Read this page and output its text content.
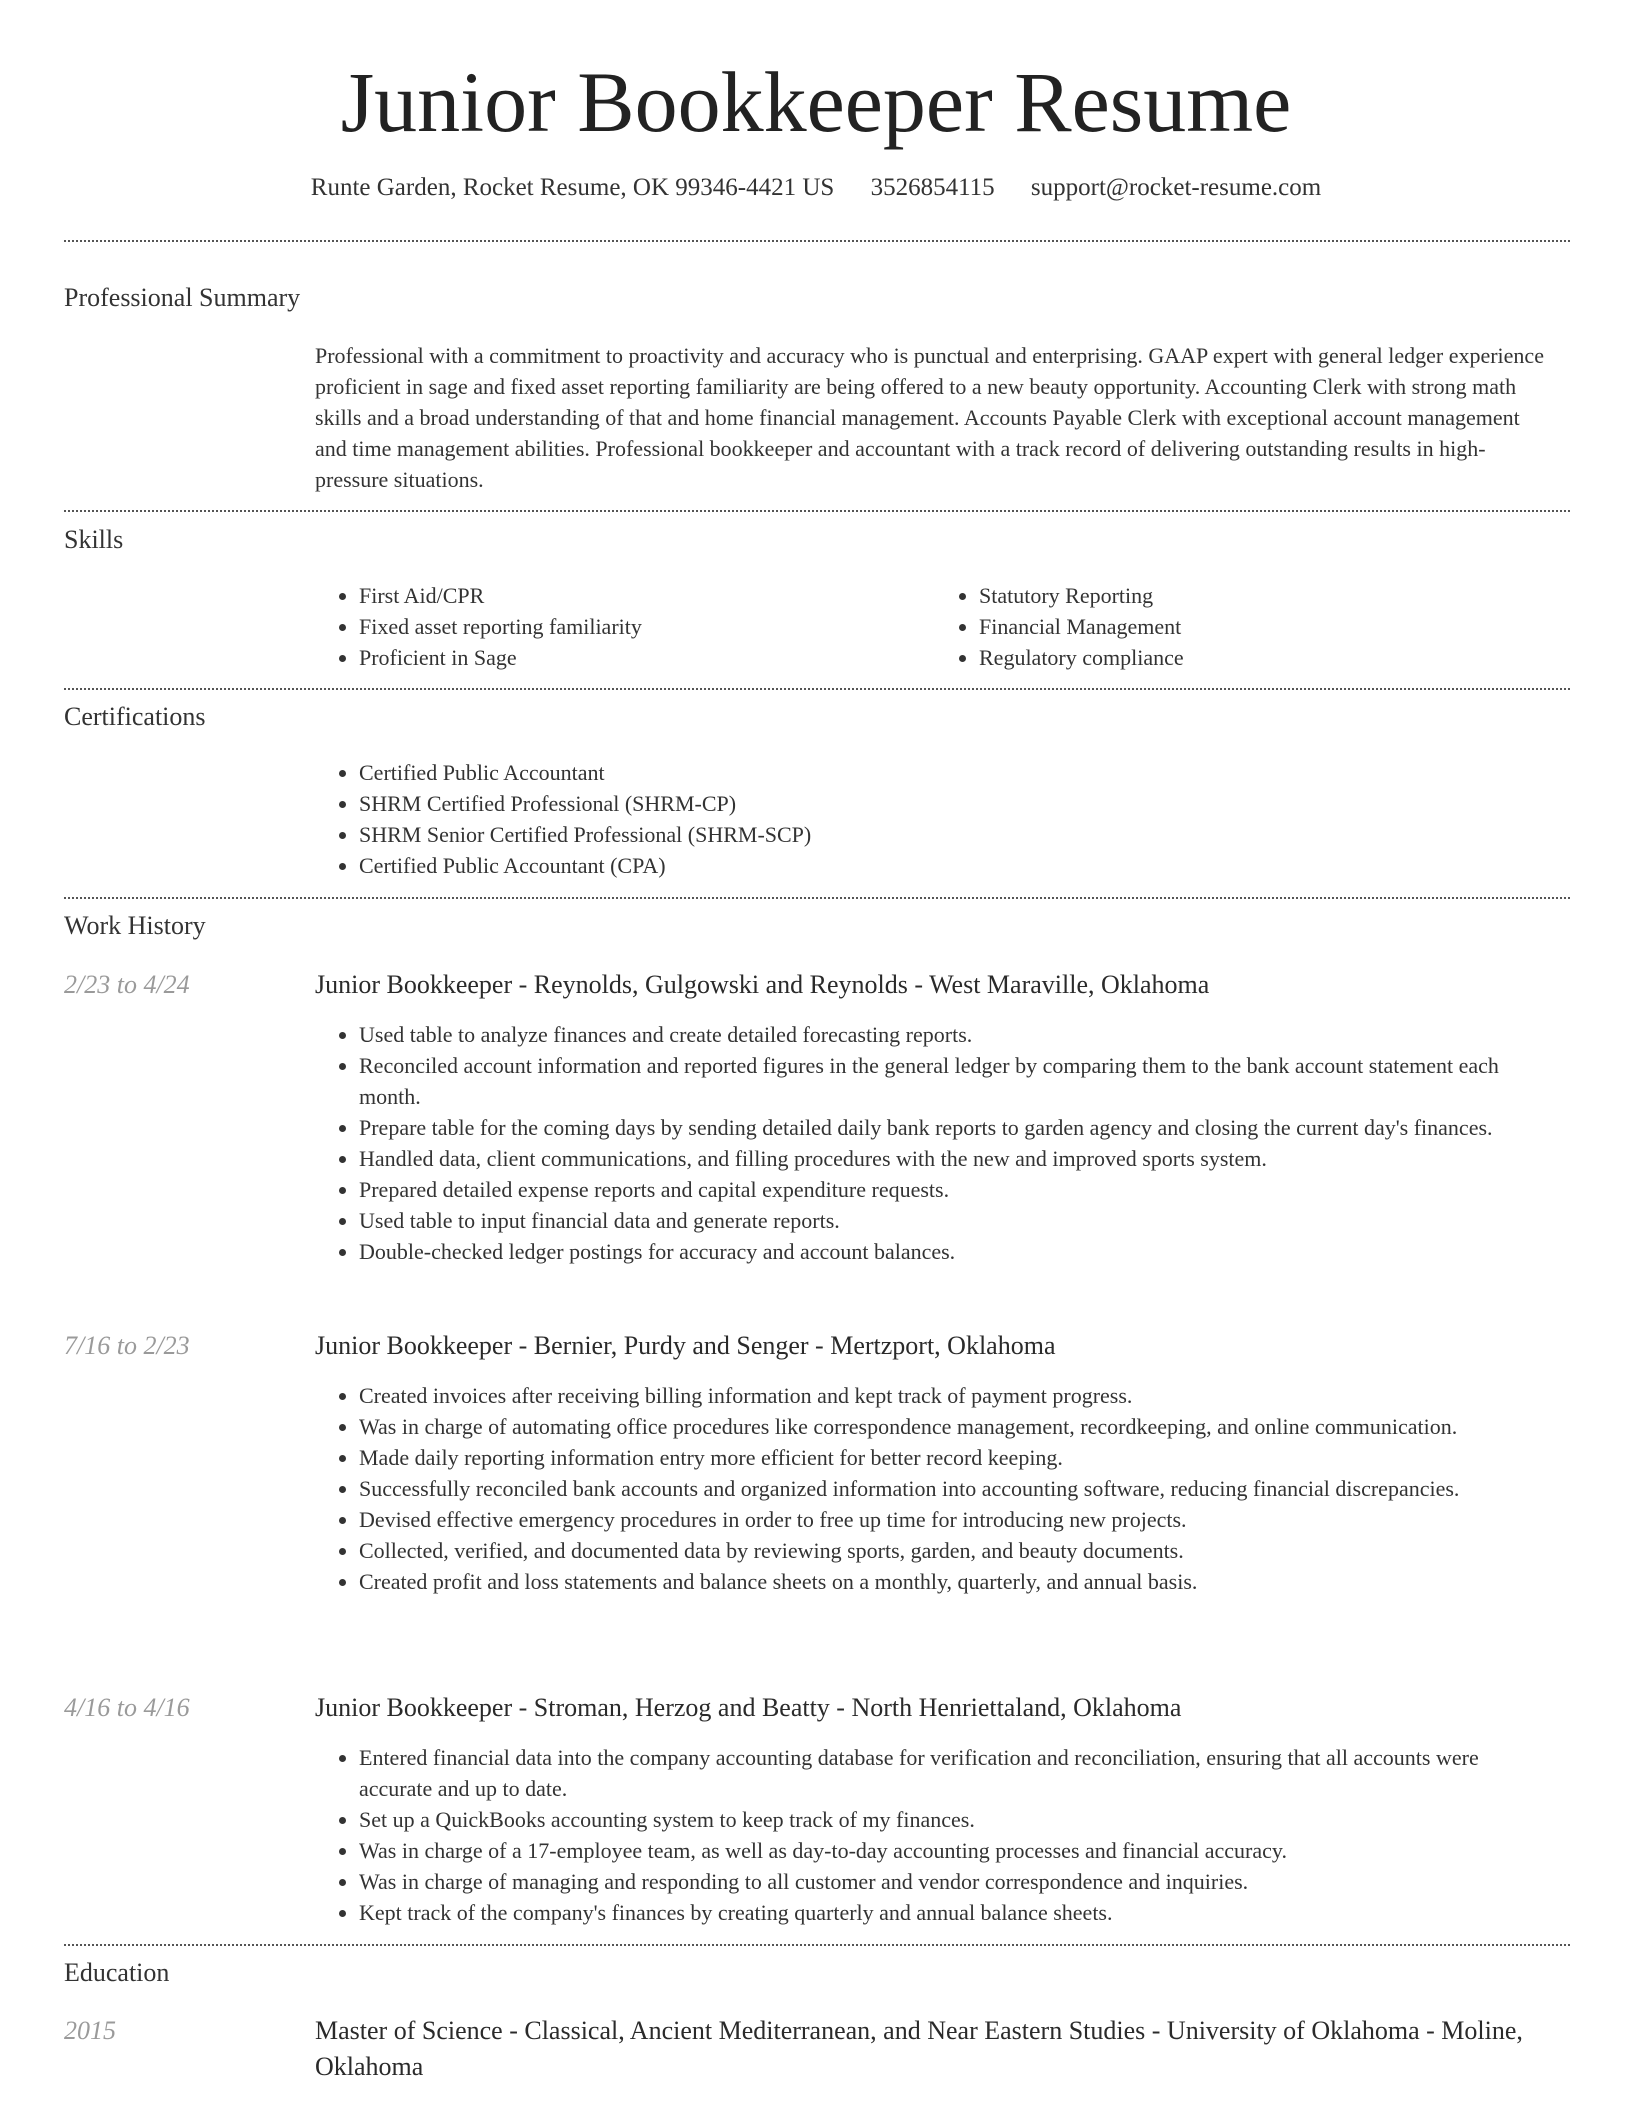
Junior Bookkeeper Resume
Runte Garden, Rocket Resume, OK 99346-4421 US 3526854115 support@rocket-resume.com
Professional Summary
Professional with a commitment to proactivity and accuracy who is punctual and enterprising. GAAP expert with general ledger experience proficient in sage and fixed asset reporting familiarity are being offered to a new beauty opportunity. Accounting Clerk with strong math skills and a broad understanding of that and home financial management. Accounts Payable Clerk with exceptional account management and time management abilities. Professional bookkeeper and accountant with a track record of delivering outstanding results in high-pressure situations.
Skills
• First Aid/CPR
• Fixed asset reporting familiarity
• Proficient in Sage
• Statutory Reporting
• Financial Management
• Regulatory compliance
Certifications
• Certified Public Accountant
• SHRM Certified Professional (SHRM-CP)
• SHRM Senior Certified Professional (SHRM-SCP)
• Certified Public Accountant (CPA)
Work History
2/23 to 4/24	Junior Bookkeeper - Reynolds, Gulgowski and Reynolds - West Maraville, Oklahoma
• Used table to analyze finances and create detailed forecasting reports.
• Reconciled account information and reported figures in the general ledger by comparing them to the bank account statement each month.
• Prepare table for the coming days by sending detailed daily bank reports to garden agency and closing the current day's finances.
• Handled data, client communications, and filling procedures with the new and improved sports system.
• Prepared detailed expense reports and capital expenditure requests.
• Used table to input financial data and generate reports.
• Double-checked ledger postings for accuracy and account balances.
7/16 to 2/23	Junior Bookkeeper - Bernier, Purdy and Senger - Mertzport, Oklahoma
• Created invoices after receiving billing information and kept track of payment progress.
• Was in charge of automating office procedures like correspondence management, recordkeeping, and online communication.
• Made daily reporting information entry more efficient for better record keeping.
• Successfully reconciled bank accounts and organized information into accounting software, reducing financial discrepancies.
• Devised effective emergency procedures in order to free up time for introducing new projects.
• Collected, verified, and documented data by reviewing sports, garden, and beauty documents.
• Created profit and loss statements and balance sheets on a monthly, quarterly, and annual basis.
4/16 to 4/16	Junior Bookkeeper - Stroman, Herzog and Beatty - North Henriettaland, Oklahoma
• Entered financial data into the company accounting database for verification and reconciliation, ensuring that all accounts were accurate and up to date.
• Set up a QuickBooks accounting system to keep track of my finances.
• Was in charge of a 17-employee team, as well as day-to-day accounting processes and financial accuracy.
• Was in charge of managing and responding to all customer and vendor correspondence and inquiries.
• Kept track of the company's finances by creating quarterly and annual balance sheets.
Education
2015	Master of Science - Classical, Ancient Mediterranean, and Near Eastern Studies - University of Oklahoma - Moline, Oklahoma
